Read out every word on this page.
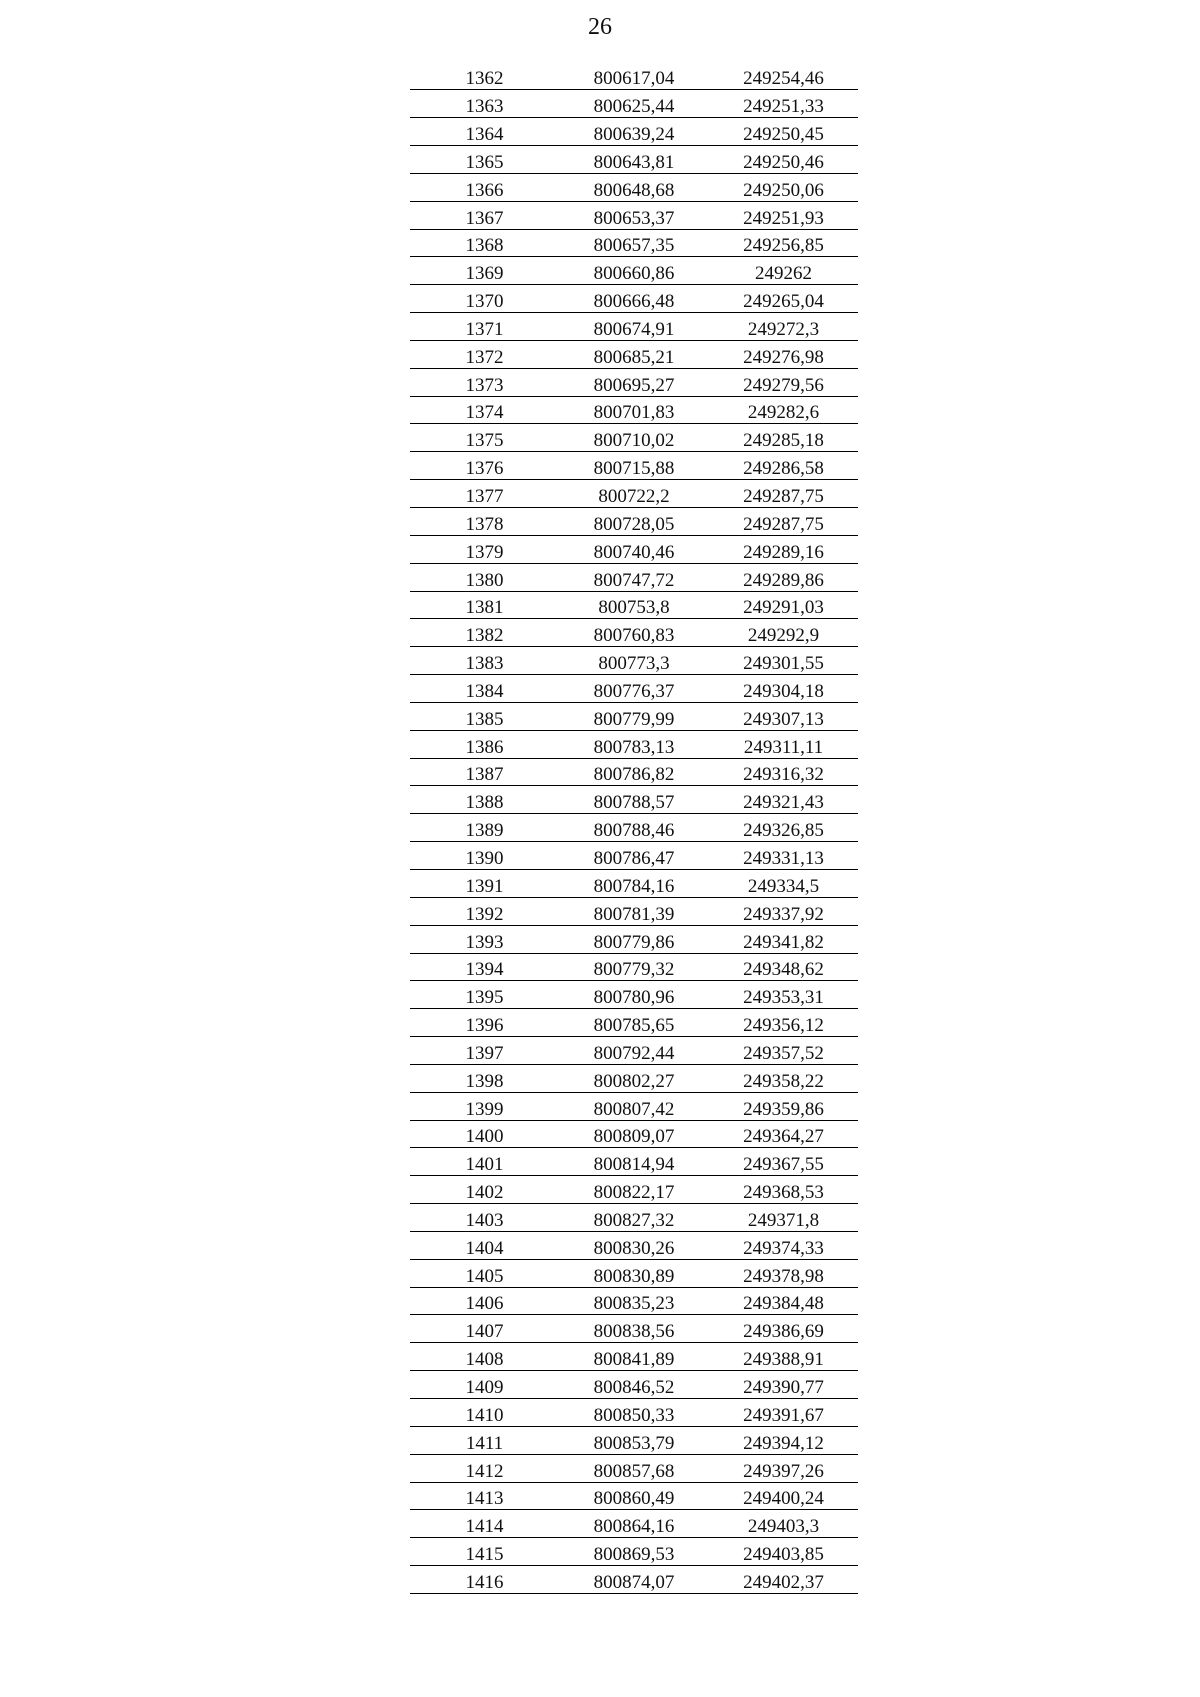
26
1362	800617,04	249254,46
1363	800625,44	249251,33
1364	800639,24	249250,45
1365	800643,81	249250,46
1366	800648,68	249250,06
1367	800653,37	249251,93
1368	800657,35	249256,85
1369	800660,86	249262
1370	800666,48	249265,04
1371	800674,91	249272,3
1372	800685,21	249276,98
1373	800695,27	249279,56
1374	800701,83	249282,6
1375	800710,02	249285,18
1376	800715,88	249286,58
1377	800722,2	249287,75
1378	800728,05	249287,75
1379	800740,46	249289,16
1380	800747,72	249289,86
1381	800753,8	249291,03
1382	800760,83	249292,9
1383	800773,3	249301,55
1384	800776,37	249304,18
1385	800779,99	249307,13
1386	800783,13	249311,11
1387	800786,82	249316,32
1388	800788,57	249321,43
1389	800788,46	249326,85
1390	800786,47	249331,13
1391	800784,16	249334,5
1392	800781,39	249337,92
1393	800779,86	249341,82
1394	800779,32	249348,62
1395	800780,96	249353,31
1396	800785,65	249356,12
1397	800792,44	249357,52
1398	800802,27	249358,22
1399	800807,42	249359,86
1400	800809,07	249364,27
1401	800814,94	249367,55
1402	800822,17	249368,53
1403	800827,32	249371,8
1404	800830,26	249374,33
1405	800830,89	249378,98
1406	800835,23	249384,48
1407	800838,56	249386,69
1408	800841,89	249388,91
1409	800846,52	249390,77
1410	800850,33	249391,67
1411	800853,79	249394,12
1412	800857,68	249397,26
1413	800860,49	249400,24
1414	800864,16	249403,3
1415	800869,53	249403,85
1416	800874,07	249402,37
